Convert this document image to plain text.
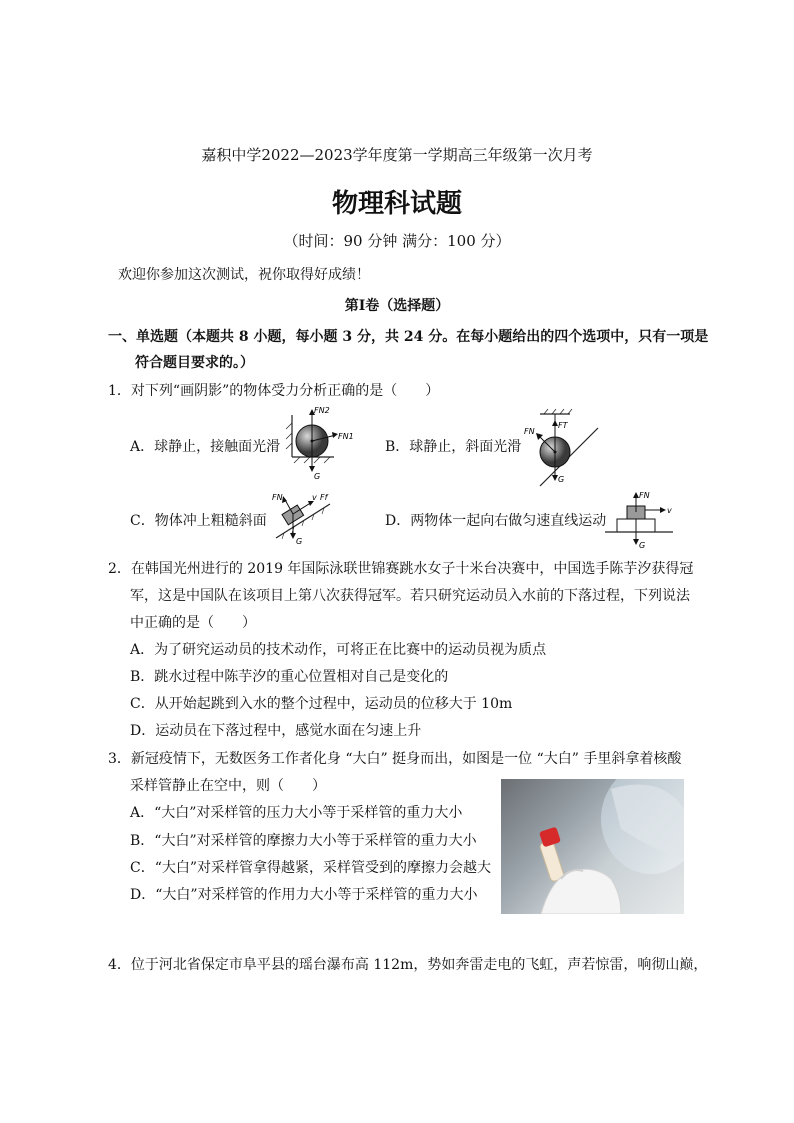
嘉积中学2022—2023学年度第一学期高三年级第一次月考
物理科试题
（时间：90 分钟 满分：100 分）
欢迎你参加这次测试，祝你取得好成绩！
第Ⅰ卷（选择题）
一、单选题（本题共 8 小题，每小题 3 分，共 24 分。在每小题给出的四个选项中，只有一项是
符合题目要求的。）
1．对下列“画阴影”的物体受力分析正确的是（　　）
A．球静止，接触面光滑	B．球静止，斜面光滑
C．物体冲上粗糙斜面	D．两物体一起向右做匀速直线运动
FN2
FN1
G
FT
FN
G
FN	v Ff
G
FN
v
G
2．在韩国光州进行的 2019 年国际泳联世锦赛跳水女子十米台决赛中，中国选手陈芋汐获得冠
军，这是中国队在该项目上第八次获得冠军。若只研究运动员入水前的下落过程，下列说法
中正确的是（　　）
A．为了研究运动员的技术动作，可将正在比赛中的运动员视为质点
B．跳水过程中陈芋汐的重心位置相对自己是变化的
C．从开始起跳到入水的整个过程中，运动员的位移大于 10m
D．运动员在下落过程中，感觉水面在匀速上升
3．新冠疫情下，无数医务工作者化身 “大白” 挺身而出，如图是一位 “大白” 手里斜拿着核酸
采样管静止在空中，则（　　）
A．“大白”对采样管的压力大小等于采样管的重力大小
B．“大白”对采样管的摩擦力大小等于采样管的重力大小
C．“大白”对采样管拿得越紧，采样管受到的摩擦力会越大
D．“大白”对采样管的作用力大小等于采样管的重力大小
4．位于河北省保定市阜平县的瑶台瀑布高 112m，势如奔雷走电的飞虹，声若惊雷，响彻山巅，
